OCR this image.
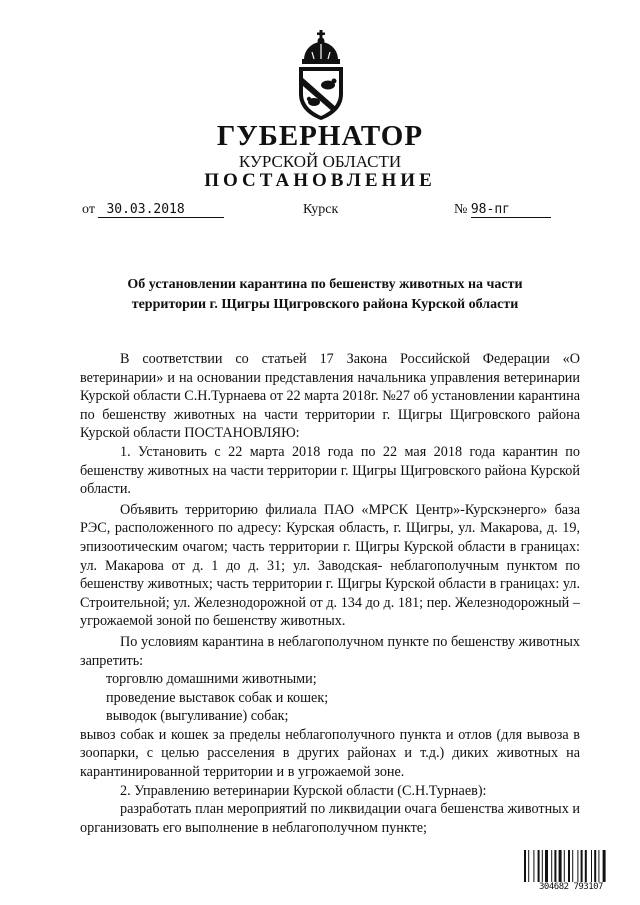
ГУБЕРНАТОР
КУРСКОЙ ОБЛАСТИ
ПОСТАНОВЛЕНИЕ
от 30.03.2018	Курск	№ 98-пг
Об установлении карантина по бешенству животных на части
территории г. Щигры Щигровского района Курской области

В соответствии со статьей 17 Закона Российской Федерации «О ветеринарии» и на основании представления начальника управления ветеринарии Курской области С.Н.Турнаева от 22 марта 2018г. №27 об установлении карантина по бешенству животных на части территории г. Щигры Щигровского района Курской области ПОСТАНОВЛЯЮ:

1. Установить с 22 марта 2018 года по 22 мая 2018 года карантин по бешенству животных на части территории г. Щигры Щигровского района Курской области.

Объявить территорию филиала ПАО «МРСК Центр»-Курскэнерго» база РЭС, расположенного по адресу: Курская область, г. Щигры, ул. Макарова, д. 19, эпизоотическим очагом; часть территории г. Щигры Курской области в границах: ул. Макарова от д. 1 до д. 31; ул. Заводская- неблагополучным пунктом по бешенству животных; часть территории г. Щигры Курской области в границах: ул. Строительной; ул. Железнодорожной от д. 134 до д. 181; пер. Железнодорожный – угрожаемой зоной по бешенству животных.

По условиям карантина в неблагополучном пункте по бешенству животных запретить:

торговлю домашними животными;

проведение выставок собак и кошек;

выводок (выгуливание) собак;

вывоз собак и кошек за пределы неблагополучного пункта и отлов (для вывоза в зоопарки, с целью расселения в других районах и т.д.) диких животных на карантинированной территории и в угрожаемой зоне.

2. Управлению ветеринарии Курской области (С.Н.Турнаев):

разработать план мероприятий по ликвидации очага бешенства животных и организовать его выполнение в неблагополучном пункте;

304682 793107
